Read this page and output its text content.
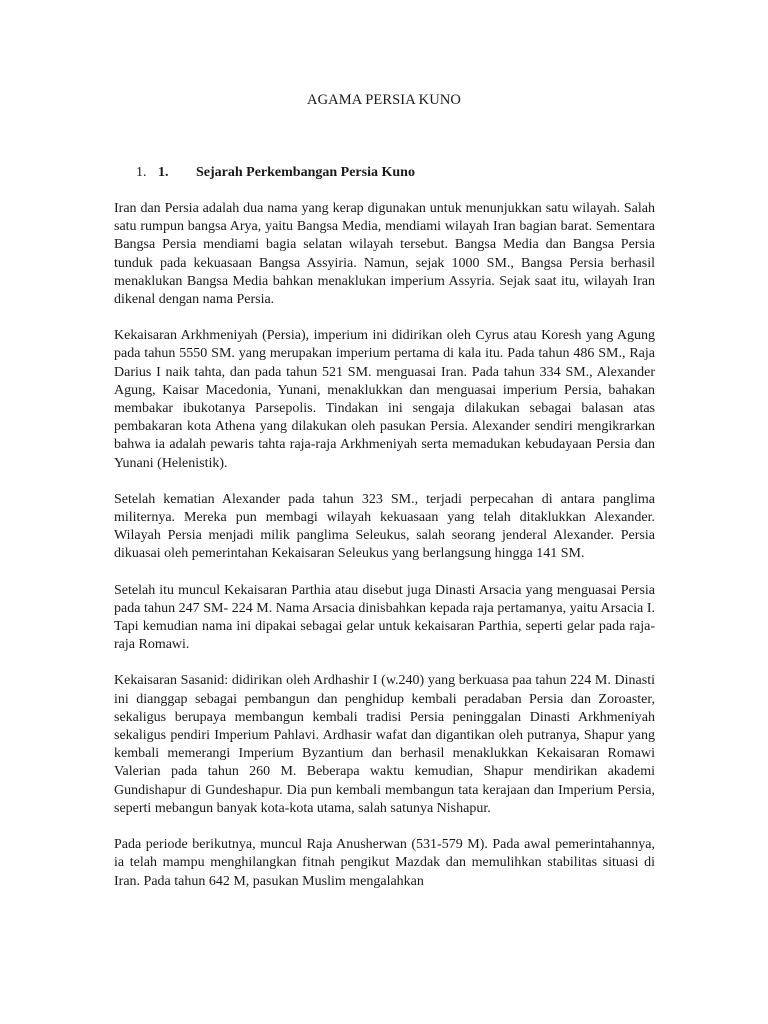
AGAMA PERSIA KUNO
1. 1. Sejarah Perkembangan Persia Kuno

Iran dan Persia adalah dua nama yang kerap digunakan untuk menunjukkan satu wilayah. Salah satu rumpun bangsa Arya, yaitu Bangsa Media, mendiami wilayah Iran bagian barat. Sementara Bangsa Persia mendiami bagia selatan wilayah tersebut. Bangsa Media dan Bangsa Persia tunduk pada kekuasaan Bangsa Assyiria. Namun, sejak 1000 SM., Bangsa Persia berhasil menaklukan Bangsa Media bahkan menaklukan imperium Assyria. Sejak saat itu, wilayah Iran dikenal dengan nama Persia.

Kekaisaran Arkhmeniyah (Persia), imperium ini didirikan oleh Cyrus atau Koresh yang Agung pada tahun 5550 SM. yang merupakan imperium pertama di kala itu. Pada tahun 486 SM., Raja Darius I naik tahta, dan pada tahun 521 SM. menguasai Iran. Pada tahun 334 SM., Alexander Agung, Kaisar Macedonia, Yunani, menaklukkan dan menguasai imperium Persia, bahakan membakar ibukotanya Parsepolis. Tindakan ini sengaja dilakukan sebagai balasan atas pembakaran kota Athena yang dilakukan oleh pasukan Persia. Alexander sendiri mengikrarkan bahwa ia adalah pewaris tahta raja-raja Arkhmeniyah serta memadukan kebudayaan Persia dan Yunani (Helenistik).

Setelah kematian Alexander pada tahun 323 SM., terjadi perpecahan di antara panglima militernya. Mereka pun membagi wilayah kekuasaan yang telah ditaklukkan Alexander. Wilayah Persia menjadi milik panglima Seleukus, salah seorang jenderal Alexander. Persia dikuasai oleh pemerintahan Kekaisaran Seleukus yang berlangsung hingga 141 SM.

Setelah itu muncul Kekaisaran Parthia atau disebut juga Dinasti Arsacia yang menguasai Persia pada tahun 247 SM- 224 M. Nama Arsacia dinisbahkan kepada raja pertamanya, yaitu Arsacia I. Tapi kemudian nama ini dipakai sebagai gelar untuk kekaisaran Parthia, seperti gelar pada raja-raja Romawi.

Kekaisaran Sasanid: didirikan oleh Ardhashir I (w.240) yang berkuasa paa tahun 224 M. Dinasti ini dianggap sebagai pembangun dan penghidup kembali peradaban Persia dan Zoroaster, sekaligus berupaya membangun kembali tradisi Persia peninggalan Dinasti Arkhmeniyah sekaligus pendiri Imperium Pahlavi. Ardhasir wafat dan digantikan oleh putranya, Shapur yang kembali memerangi Imperium Byzantium dan berhasil menaklukkan Kekaisaran Romawi Valerian pada tahun 260 M. Beberapa waktu kemudian, Shapur mendirikan akademi Gundishapur di Gundeshapur. Dia pun kembali membangun tata kerajaan dan Imperium Persia, seperti mebangun banyak kota-kota utama, salah satunya Nishapur.

Pada periode berikutnya, muncul Raja Anusherwan (531-579 M). Pada awal pemerintahannya, ia telah mampu menghilangkan fitnah pengikut Mazdak dan memulihkan stabilitas situasi di Iran. Pada tahun 642 M, pasukan Muslim mengalahkan
